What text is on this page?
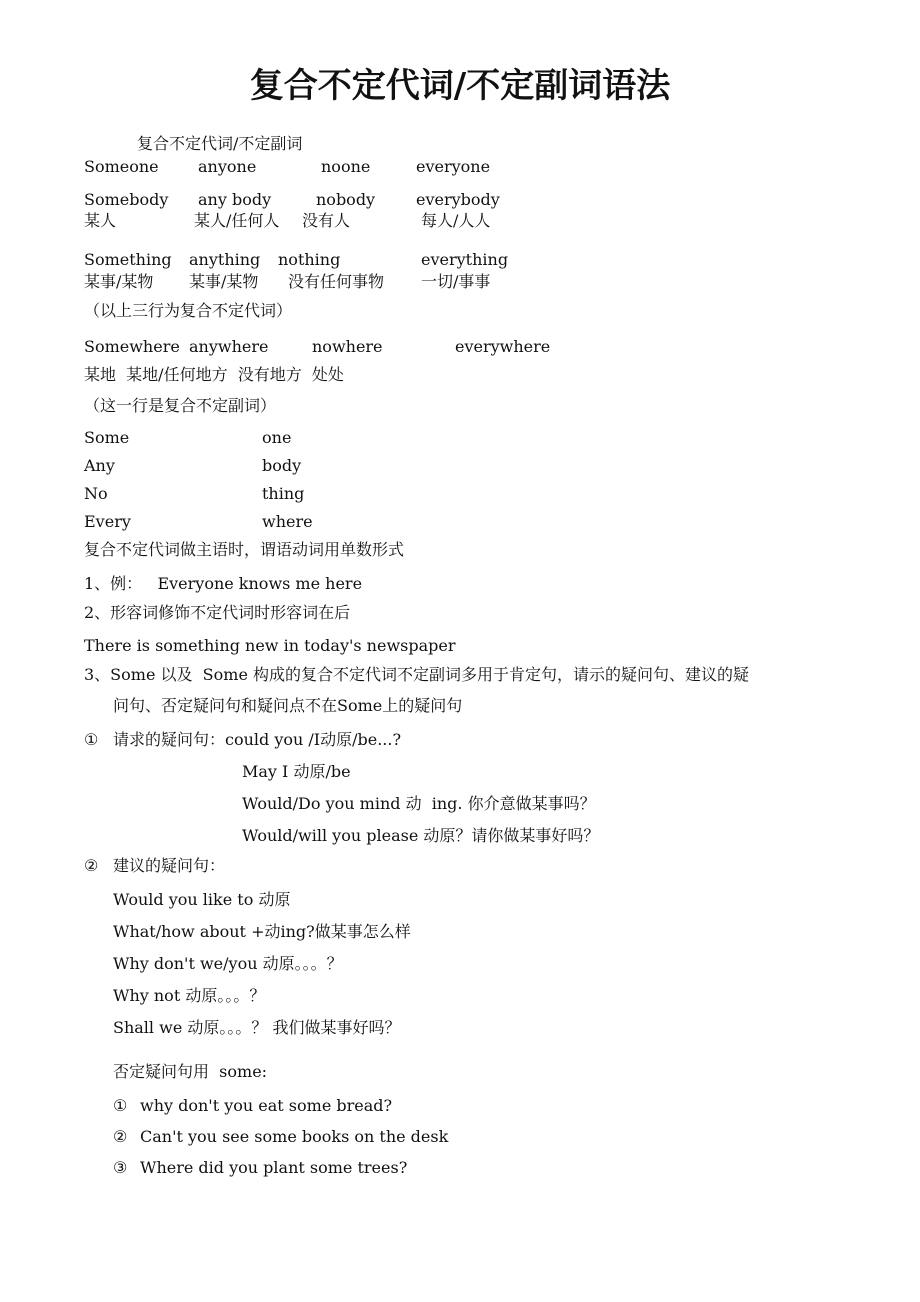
复合不定代词/不定副词语法
复合不定代词/不定副词
Someone anyone	noone	everyone
Somebody any body	nobody	everybody
某人	某人/任何人 没有人	每人/人人
Something anything nothing	everything
某事/某物 某事/某物 没有任何事物 一切/事事
（以上三行为复合不定代词）
Somewhere anywhere	nowhere	everywhere
某地  某地/任何地方  没有地方  处处
（这一行是复合不定副词）
Some	one
Any	body
No	thing
Every	where
复合不定代词做主语时，谓语动词用单数形式
1、例：   Everyone knows me here
2、形容词修饰不定代词时形容词在后
There is something new in today's newspaper
3、Some 以及  Some 构成的复合不定代词不定副词多用于肯定句，请示的疑问句、建议的疑
问句、否定疑问句和疑问点不在Some上的疑问句
① 请求的疑问句：could you /I动原/be...?
May I 动原/be
Would/Do you mind 动  ing. 你介意做某事吗？
Would/will you please 动原？请你做某事好吗？
② 建议的疑问句：
Would you like to 动原
What/how about +动ing?做某事怎么样
Why don't we/you 动原。。。？
Why not 动原。。。？
Shall we 动原。。。？ 我们做某事好吗？
否定疑问句用  some:
① why don't you eat some bread?
② Can't you see some books on the desk
③ Where did you plant some trees?
